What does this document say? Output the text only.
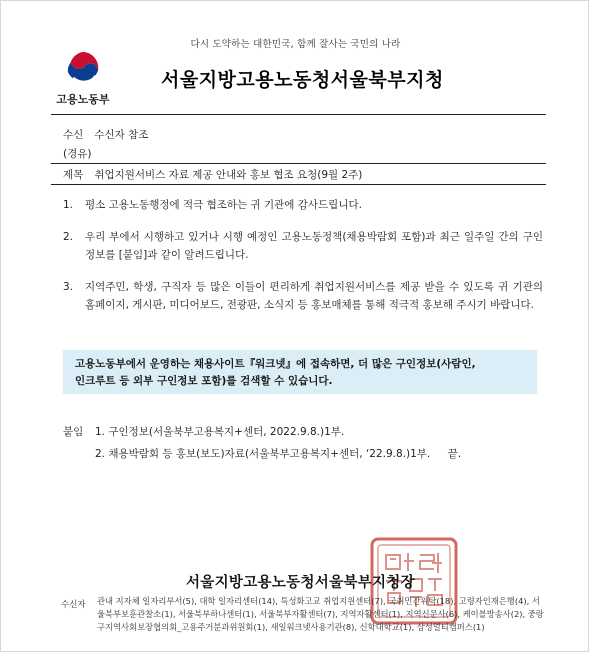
다시 도약하는 대한민국, 함께 잘사는 국민의 나라
고용노동부
서울지방고용노동청서울북부지청
수신 수신자 참조
(경유)
제목 취업지원서비스 자료 제공 안내와 홍보 협조 요청(9월 2주)
1. 평소 고용노동행정에 적극 협조하는 귀 기관에 감사드립니다.
2. 우리 부에서 시행하고 있거나 시행 예정인 고용노동정책(채용박람회 포함)과 최근 일주일 간의 구인정보를 [붙임]과 같이 알려드립니다.
3. 지역주민, 학생, 구직자 등 많은 이들이 편리하게 취업지원서비스를 제공 받을 수 있도록 귀 기관의 홈페이지, 게시판, 미디어보드, 전광판, 소식지 등 홍보매체를 통해 적극적 홍보해 주시기 바랍니다.
고용노동부에서 운영하는 채용사이트『워크넷』에 접속하면, 더 많은 구인정보(사람인,
인크루트 등 외부 구인정보 포함)를 검색할 수 있습니다.
붙임 1. 구인정보(서울북부고용복지+센터, 2022.9.8.)1부.
2. 채용박람회 등 홍보(보도)자료(서울북부고용복지+센터, ‘22.9.8.)1부. 끝.
서울지방고용노동청서울북부지청장
수신자 관내 지자체 일자리부서(5), 대학 일자리센터(14), 특성화고교 취업지원센터(7), 국취민간위탁(18), 고령자인재은행(4), 서울북부보훈관찰소(1), 서울북부하나센터(1), 서울북부자활센터(7), 지역자활센터(1), 지역신문사(6), 케이블방송사(2), 중랑구지역사회보장협의회_고용주거분과위원회(1), 새일워크넷사용기관(8), 신학대학교(1), 삼성멀티캠퍼스(1)
